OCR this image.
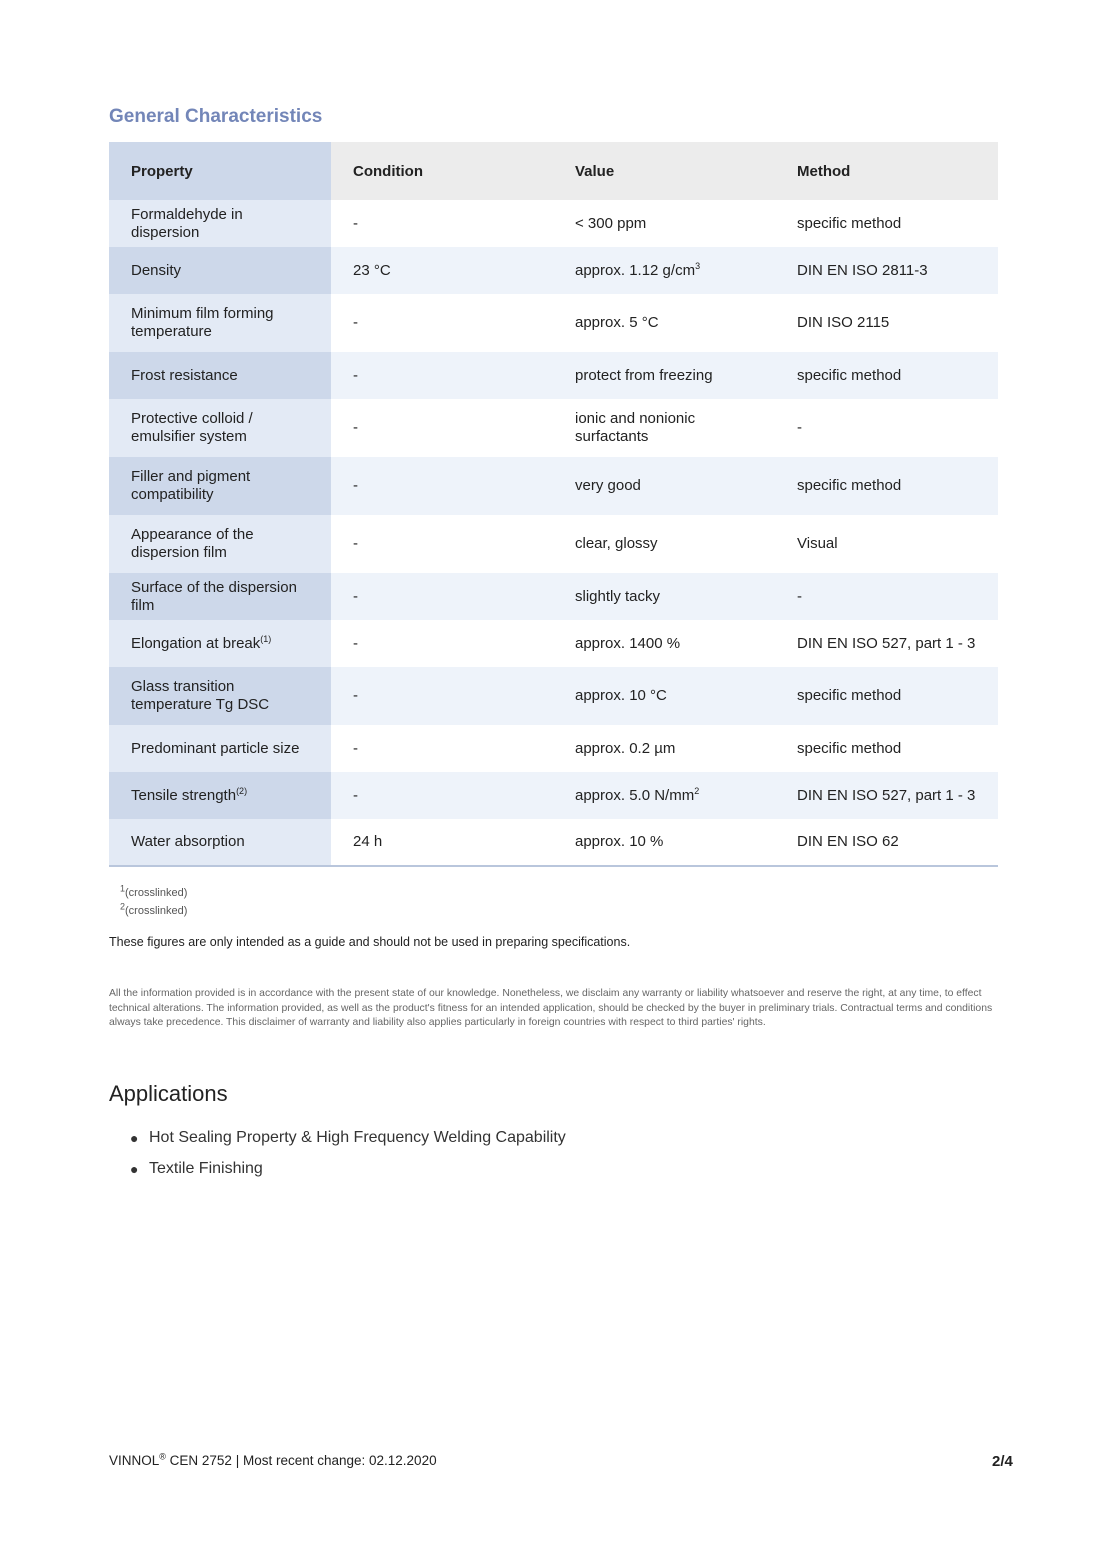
General Characteristics
Property	Condition	Value	Method
Formaldehyde in dispersion	-	< 300 ppm	specific method
Density	23 °C	approx. 1.12 $g/cm^3$	DIN EN ISO 2811-3
Minimum film forming temperature	-	approx. 5 °C	DIN ISO 2115
Frost resistance	-	protect from freezing	specific method
Protective colloid / emulsifier system	-	ionic and nonionic surfactants	-
Filler and pigment compatibility	-	very good	specific method
Appearance of the dispersion film	-	clear, glossy	Visual
Surface of the dispersion film	-	slightly tacky	-
Elongation at break$^{(1)}$	-	approx. 1400 %	DIN EN ISO 527, part 1 - 3
Glass transition temperature Tg DSC	-	approx. 10 °C	specific method
Predominant particle size	-	approx. 0.2 µm	specific method
Tensile strength$^{(2)}$	-	approx. 5.0 $N/mm^2$	DIN EN ISO 527, part 1 - 3
Water absorption	24 h	approx. 10 %	DIN EN ISO 62
$^1$(crosslinked)
$^2$(crosslinked)

These figures are only intended as a guide and should not be used in preparing specifications.

All the information provided is in accordance with the present state of our knowledge. Nonetheless, we disclaim any warranty or liability whatsoever and reserve the right, at any time, to effect technical alterations. The information provided, as well as the product's fitness for an intended application, should be checked by the buyer in preliminary trials. Contractual terms and conditions always take precedence. This disclaimer of warranty and liability also applies particularly in foreign countries with respect to third parties' rights.

Applications
● Hot Sealing Property & High Frequency Welding Capability
● Textile Finishing
VINNOL® CEN 2752 | Most recent change: 02.12.2020	2/4
